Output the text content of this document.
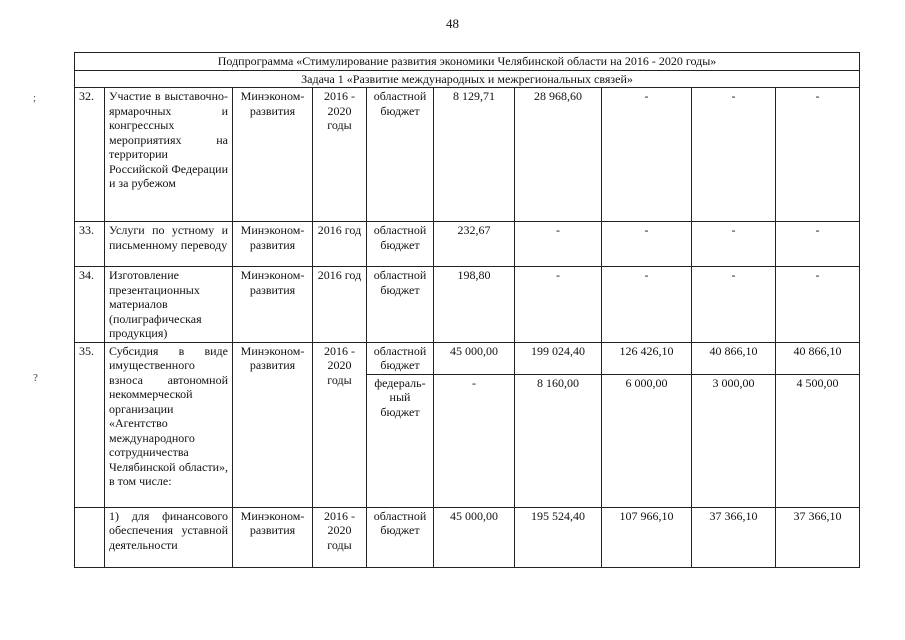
48
;
?
Подпрограмма «Стимулирование развития экономики Челябинской области на 2016 - 2020 годы»									
Задача 1 «Развитие международных и межрегиональных связей»									
32.	Участие в выставочно-ярмарочных и конгрессных мероприятиях на территории Российской Федерации и за рубежом	Минэконом-развития	2016 - 2020 годы	областной бюджет	8 129,71	28 968,60	-	-	-
33.	Услуги по устному и письменному переводу	Минэконом-развития	2016 год	областной бюджет	232,67	-	-	-	-
34.	Изготовление презентационных материалов (полиграфическая продукция)	Минэконом-развития	2016 год	областной бюджет	198,80	-	-	-	-
35.	Субсидия в виде имущественного взноса автономной некоммерческой организации «Агентство международного сотрудничества Челябинской области», в том числе:	Минэконом-развития	2016 - 2020 годы	областной бюджет	45 000,00	199 024,40	126 426,10	40 866,10	40 866,10
				федераль-ный бюджет	-	8 160,00	6 000,00	3 000,00	4 500,00
	1) для финансового обеспечения уставной деятельности	Минэконом-развития	2016 - 2020 годы	областной бюджет	45 000,00	195 524,40	107 966,10	37 366,10	37 366,10
